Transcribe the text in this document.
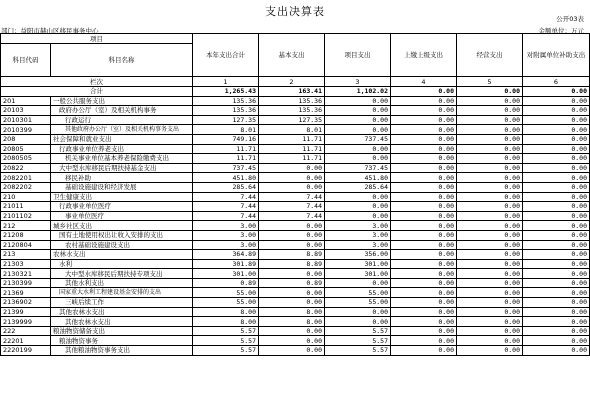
支出决算表
公开03表
部门：益阳市赫山区移民事务中心	金额单位：万元
项目		本年支出合计	基本支出	项目支出	上缴上级支出	经营支出	对附属单位补助支出
科目代码	科目名称						

栏次		1	2	3	4	5	6
合计		1,265.43	163.41	1,102.02	0.00	0.00	0.00
201	一般公共服务支出	135.36	135.36	0.00	0.00	0.00	0.00
20103	政府办公厅（室）及相关机构事务	135.36	135.36	0.00	0.00	0.00	0.00
2010301	行政运行	127.35	127.35	0.00	0.00	0.00	0.00
2010399	其他政府办公厅（室）及相关机构事务支出	8.01	8.01	0.00	0.00	0.00	0.00
208	社会保障和就业支出	749.16	11.71	737.45	0.00	0.00	0.00
20805	行政事业单位养老支出	11.71	11.71	0.00	0.00	0.00	0.00
2080505	机关事业单位基本养老保险缴费支出	11.71	11.71	0.00	0.00	0.00	0.00
20822	大中型水库移民后期扶持基金支出	737.45	0.00	737.45	0.00	0.00	0.00
2082201	移民补助	451.80	0.00	451.80	0.00	0.00	0.00
2082202	基础设施建设和经济发展	285.64	0.00	285.64	0.00	0.00	0.00
210	卫生健康支出	7.44	7.44	0.00	0.00	0.00	0.00
21011	行政事业单位医疗	7.44	7.44	0.00	0.00	0.00	0.00
2101102	事业单位医疗	7.44	7.44	0.00	0.00	0.00	0.00
212	城乡社区支出	3.00	0.00	3.00	0.00	0.00	0.00
21208	国有土地使用权出让收入安排的支出	3.00	0.00	3.00	0.00	0.00	0.00
2120804	农村基础设施建设支出	3.00	0.00	3.00	0.00	0.00	0.00
213	农林水支出	364.89	8.89	356.00	0.00	0.00	0.00
21303	水利	301.89	8.89	301.00	0.00	0.00	0.00
2130321	大中型水库移民后期扶持专项支出	301.00	0.00	301.00	0.00	0.00	0.00
2130399	其他水利支出	0.89	0.89	0.00	0.00	0.00	0.00
21369	国家重大水利工程建设基金安排的支出	55.00	0.00	55.00	0.00	0.00	0.00
2136902	三峡后续工作	55.00	0.00	55.00	0.00	0.00	0.00
21399	其他农林水支出	8.00	8.00	0.00	0.00	0.00	0.00
2139999	其他农林水支出	8.00	8.00	0.00	0.00	0.00	0.00
222	粮油物资储备支出	5.57	0.00	5.57	0.00	0.00	0.00
22201	粮油物资事务	5.57	0.00	5.57	0.00	0.00	0.00
2220199	其他粮油物资事务支出	5.57	0.00	5.57	0.00	0.00	0.00
